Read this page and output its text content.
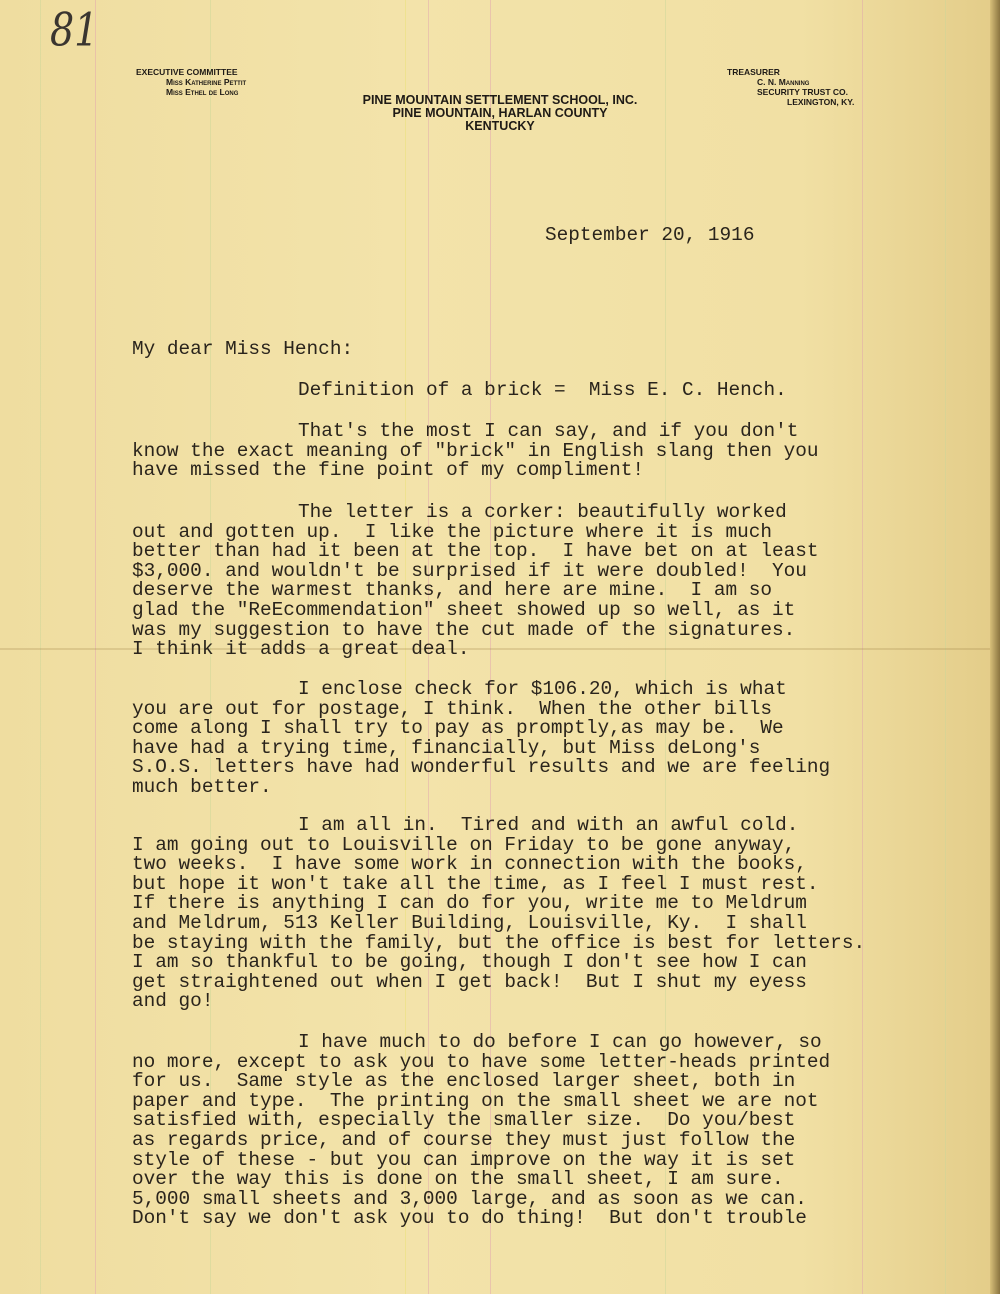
81
EXECUTIVE COMMITTEE
Miss Katherine Pettit
Miss Ethel de Long
PINE MOUNTAIN SETTLEMENT SCHOOL, INC.
PINE MOUNTAIN, HARLAN COUNTY
KENTUCKY
TREASURER
C. N. Manning
SECURITY TRUST CO.
LEXINGTON, KY.
September 20, 1916
My dear Miss Hench:
Definition of a brick =  Miss E. C. Hench.
That's the most I can say, and if you don't
know the exact meaning of "brick" in English slang then you
have missed the fine point of my compliment!
The letter is a corker: beautifully worked
out and gotten up.  I like the picture where it is much
better than had it been at the top.  I have bet on at least
$3,000. and wouldn't be surprised if it were doubled!  You
deserve the warmest thanks, and here are mine.  I am so
glad the "ReEcommendation" sheet showed up so well, as it
was my suggestion to have the cut made of the signatures.
I think it adds a great deal.
I enclose check for $106.20, which is what
you are out for postage, I think.  When the other bills
come along I shall try to pay as promptly,as may be.  We
have had a trying time, financially, but Miss deLong's
S.O.S. letters have had wonderful results and we are feeling
much better.
I am all in.  Tired and with an awful cold.
I am going out to Louisville on Friday to be gone anyway,
two weeks.  I have some work in connection with the books,
but hope it won't take all the time, as I feel I must rest.
If there is anything I can do for you, write me to Meldrum
and Meldrum, 513 Keller Building, Louisville, Ky.  I shall
be staying with the family, but the office is best for letters.
I am so thankful to be going, though I don't see how I can
get straightened out when I get back!  But I shut my eyess
and go!
I have much to do before I can go however, so
no more, except to ask you to have some letter-heads printed
for us.  Same style as the enclosed larger sheet, both in
paper and type.  The printing on the small sheet we are not
satisfied with, especially the smaller size.  Do you/best
as regards price, and of course they must just follow the
style of these - but you can improve on the way it is set
over the way this is done on the small sheet, I am sure.
5,000 small sheets and 3,000 large, and as soon as we can.
Don't say we don't ask you to do thing!  But don't trouble
